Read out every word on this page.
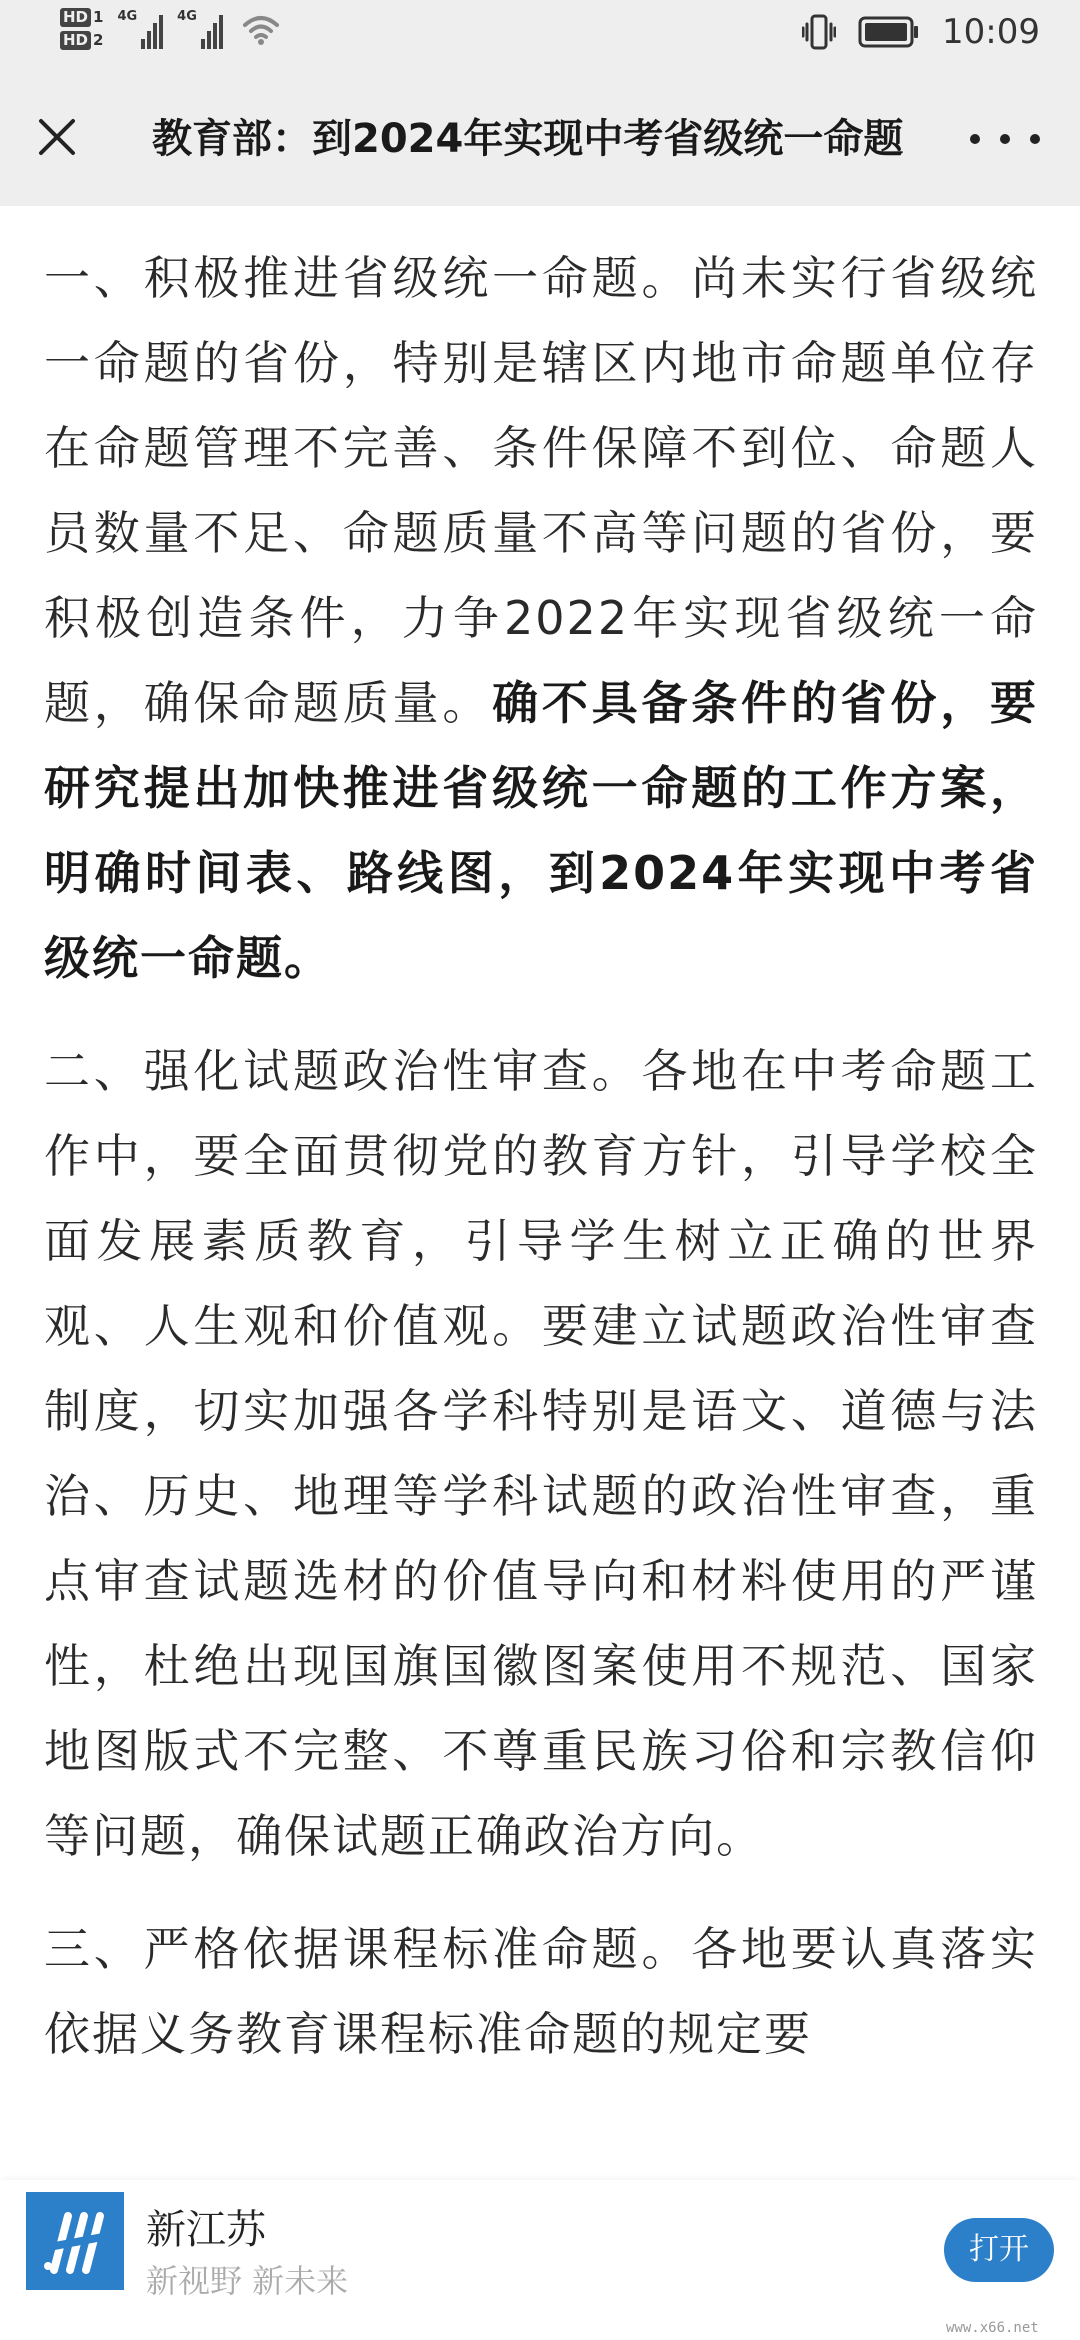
HD 1
HD 2
4G	4G	10:09
教育部：到2024年实现中考省级统一命题

一、积极推进省级统一命题。尚未实行省级统一命题的省份，特别是辖区内地市命题单位存在命题管理不完善、条件保障不到位、命题人员数量不足、命题质量不高等问题的省份，要积极创造条件，力争2022年实现省级统一命题，确保命题质量。确不具备条件的省份，要研究提出加快推进省级统一命题的工作方案，明确时间表、路线图，到2024年实现中考省级统一命题。

二、强化试题政治性审查。各地在中考命题工作中，要全面贯彻党的教育方针，引导学校全面发展素质教育，引导学生树立正确的世界观、人生观和价值观。要建立试题政治性审查制度，切实加强各学科特别是语文、道德与法治、历史、地理等学科试题的政治性审查，重点审查试题选材的价值导向和材料使用的严谨性，杜绝出现国旗国徽图案使用不规范、国家地图版式不完整、不尊重民族习俗和宗教信仰等问题，确保试题正确政治方向。

三、严格依据课程标准命题。各地要认真落实依据义务教育课程标准命题的规定要

新江苏
新视野 新未来
打开
www.x66.net
